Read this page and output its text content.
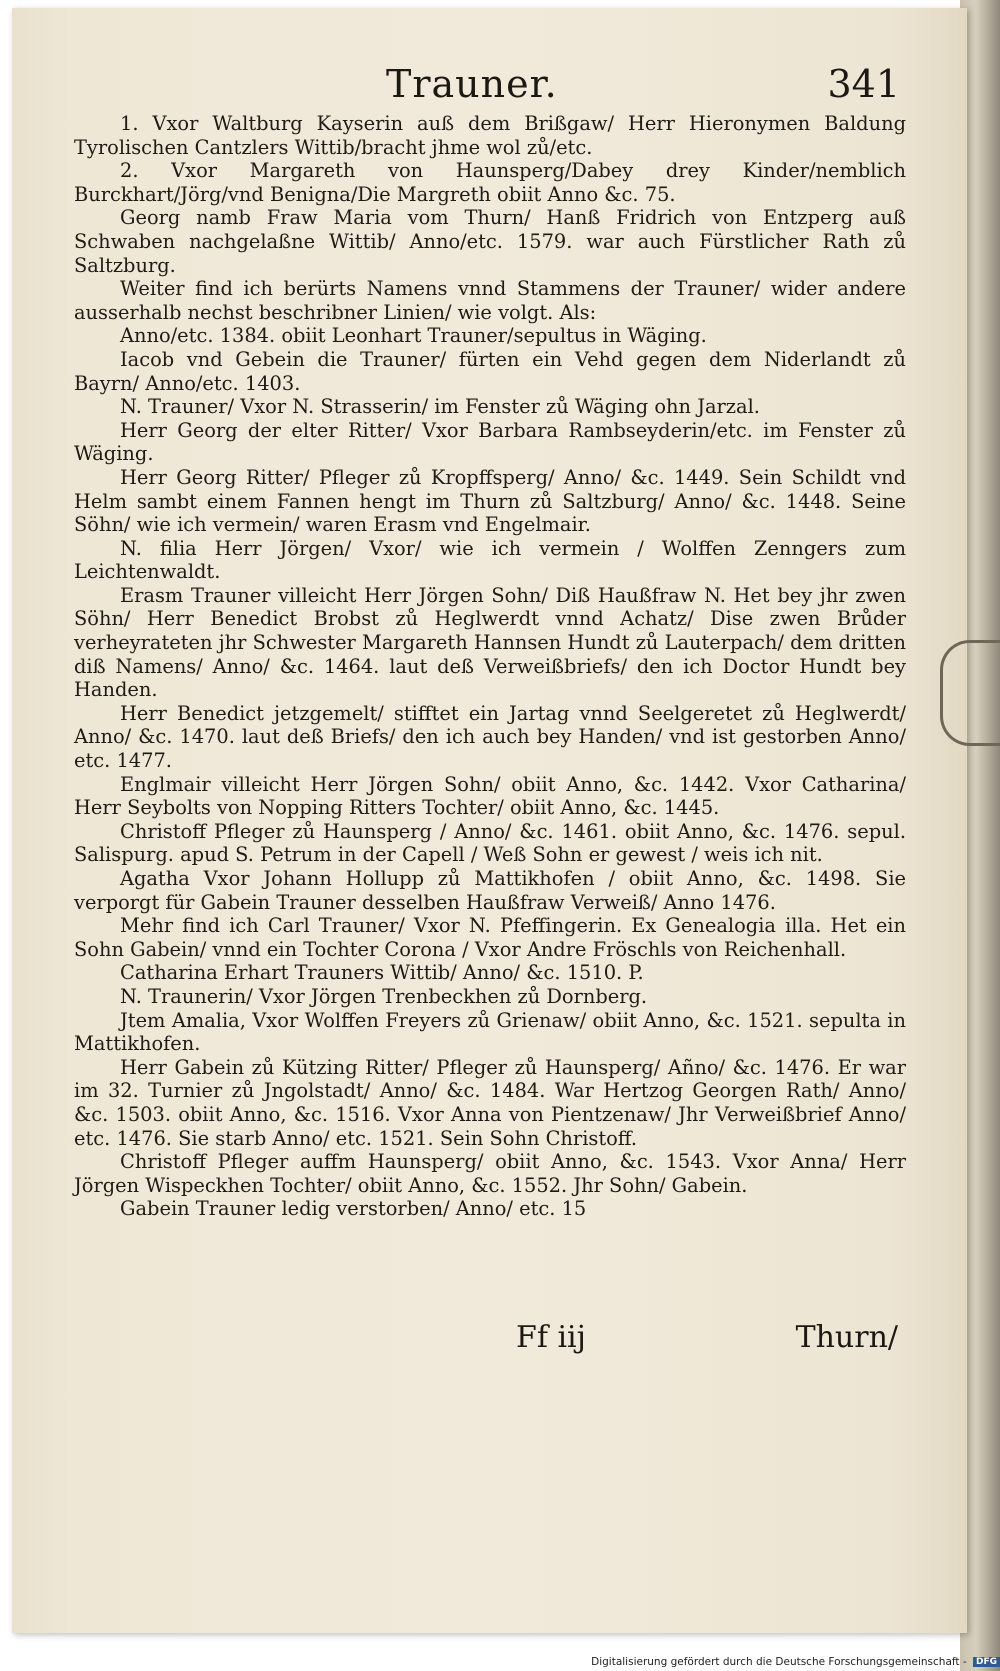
Trauner.	341

1. Vxor Waltburg Kayserin auß dem Brißgaw/ Herr Hieronymen Baldung Tyrolischen Cantzlers Wittib/bracht jhme wol zů/etc.

2. Vxor Margareth von Haunsperg/Dabey drey Kinder/nemblich Burckhart/Jörg/vnd Benigna/Die Margreth obiit Anno &c. 75.

Georg namb Fraw Maria vom Thurn/ Hanß Fridrich von Entzperg auß Schwaben nachgelaßne Wittib/ Anno/etc. 1579. war auch Fürstlicher Rath zů Saltzburg.

Weiter find ich berürts Namens vnnd Stammens der Trauner/ wider andere ausserhalb nechst beschribner Linien/ wie volgt. Als:

Anno/etc. 1384. obiit Leonhart Trauner/sepultus in Wäging.

Iacob vnd Gebein die Trauner/ fürten ein Vehd gegen dem Niderlandt zů Bayrn/ Anno/etc. 1403.

N. Trauner/ Vxor N. Strasserin/ im Fenster zů Wäging ohn Jarzal.

Herr Georg der elter Ritter/ Vxor Barbara Rambseyderin/etc. im Fenster zů Wäging.

Herr Georg Ritter/ Pfleger zů Kropffsperg/ Anno/ &c. 1449. Sein Schildt vnd Helm sambt einem Fannen hengt im Thurn zů Saltzburg/ Anno/ &c. 1448. Seine Söhn/ wie ich vermein/ waren Erasm vnd Engelmair.

N. filia Herr Jörgen/ Vxor/ wie ich vermein / Wolffen Zenngers zum Leichtenwaldt.

Erasm Trauner villeicht Herr Jörgen Sohn/ Diß Haußfraw N. Het bey jhr zwen Söhn/ Herr Benedict Brobst zů Heglwerdt vnnd Achatz/ Dise zwen Brůder verheyrateten jhr Schwester Margareth Hannsen Hundt zů Lauterpach/ dem dritten diß Namens/ Anno/ &c. 1464. laut deß Verweißbriefs/ den ich Doctor Hundt bey Handen.

Herr Benedict jetzgemelt/ stifftet ein Jartag vnnd Seelgeretet zů Heglwerdt/ Anno/ &c. 1470. laut deß Briefs/ den ich auch bey Handen/ vnd ist gestorben Anno/ etc. 1477.

Englmair villeicht Herr Jörgen Sohn/ obiit Anno, &c. 1442. Vxor Catharina/ Herr Seybolts von Nopping Ritters Tochter/ obiit Anno, &c. 1445.

Christoff Pfleger zů Haunsperg / Anno/ &c. 1461. obiit Anno, &c. 1476. sepul. Salispurg. apud S. Petrum in der Capell / Weß Sohn er gewest / weis ich nit.

Agatha Vxor Johann Hollupp zů Mattikhofen / obiit Anno, &c. 1498. Sie verporgt für Gabein Trauner desselben Haußfraw Verweiß/ Anno 1476.

Mehr find ich Carl Trauner/ Vxor N. Pfeffingerin. Ex Genealogia illa. Het ein Sohn Gabein/ vnnd ein Tochter Corona / Vxor Andre Fröschls von Reichenhall.

Catharina Erhart Trauners Wittib/ Anno/ &c. 1510. P.

N. Traunerin/ Vxor Jörgen Trenbeckhen zů Dornberg.

Jtem Amalia, Vxor Wolffen Freyers zů Grienaw/ obiit Anno, &c. 1521. sepulta in Mattikhofen.

Herr Gabein zů Kützing Ritter/ Pfleger zů Haunsperg/ Añno/ &c. 1476. Er war im 32. Turnier zů Jngolstadt/ Anno/ &c. 1484. War Hertzog Georgen Rath/ Anno/ &c. 1503. obiit Anno, &c. 1516. Vxor Anna von Pientzenaw/ Jhr Verweißbrief Anno/ etc. 1476. Sie starb Anno/ etc. 1521. Sein Sohn Christoff.

Christoff Pfleger auffm Haunsperg/ obiit Anno, &c. 1543. Vxor Anna/ Herr Jörgen Wispeckhen Tochter/ obiit Anno, &c. 1552. Jhr Sohn/ Gabein.

Gabein Trauner ledig verstorben/ Anno/ etc. 15

Ff iij	Thurn/
Digitalisierung gefördert durch die Deutsche Forschungsgemeinschaft - DFG
